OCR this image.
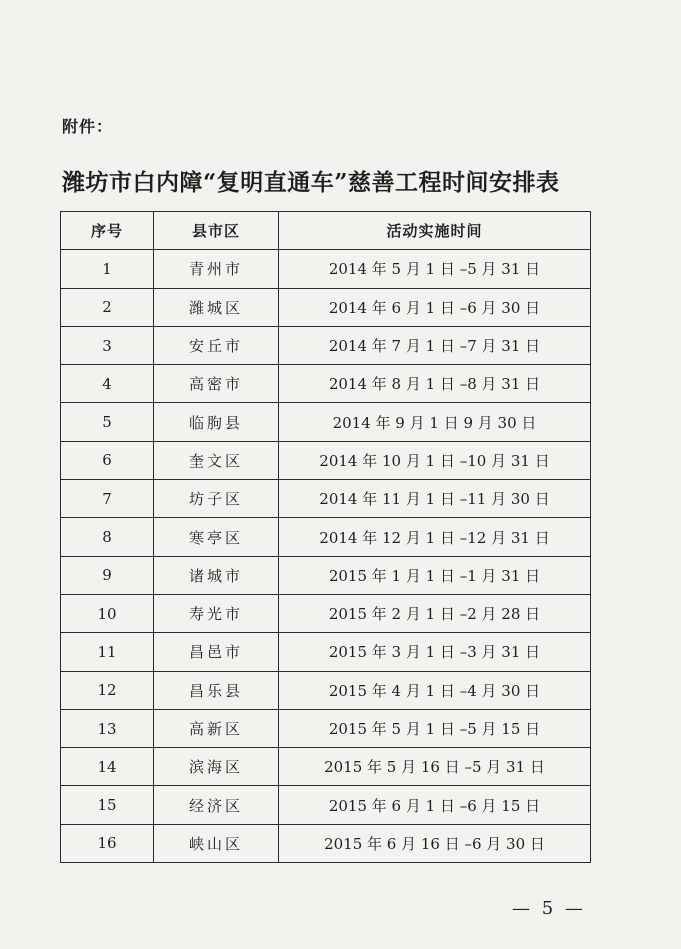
附件：
潍坊市白内障“复明直通车”慈善工程时间安排表
序号	县市区	活动实施时间
1	青州市	2014 年 5 月 1 日 –5 月 31 日
2	潍城区	2014 年 6 月 1 日 –6 月 30 日
3	安丘市	2014 年 7 月 1 日 –7 月 31 日
4	高密市	2014 年 8 月 1 日 –8 月 31 日
5	临朐县	2014 年 9 月 1 日 9 月 30 日
6	奎文区	2014 年 10 月 1 日 –10 月 31 日
7	坊子区	2014 年 11 月 1 日 –11 月 30 日
8	寒亭区	2014 年 12 月 1 日 –12 月 31 日
9	诸城市	2015 年 1 月 1 日 –1 月 31 日
10	寿光市	2015 年 2 月 1 日 –2 月 28 日
11	昌邑市	2015 年 3 月 1 日 –3 月 31 日
12	昌乐县	2015 年 4 月 1 日 –4 月 30 日
13	高新区	2015 年 5 月 1 日 –5 月 15 日
14	滨海区	2015 年 5 月 16 日 –5 月 31 日
15	经济区	2015 年 6 月 1 日 –6 月 15 日
16	峡山区	2015 年 6 月 16 日 –6 月 30 日
— 5 —
